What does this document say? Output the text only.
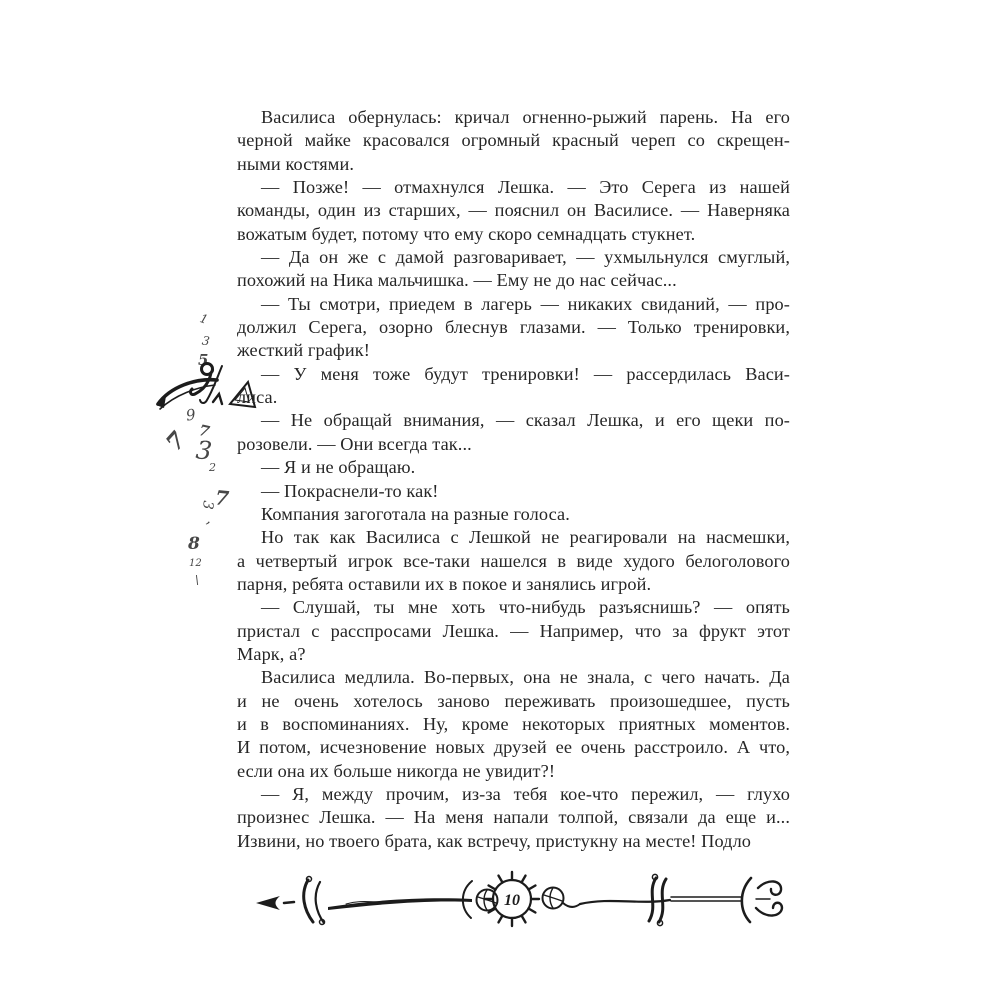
1
3
5
,
9
7
7 3
2
3
7
’
8
12
\
Василиса обернулась: кричал огненно-рыжий парень. На его
черной майке красовался огромный красный череп со скрещен-
ными костями.
— Позже! — отмахнулся Лешка. — Это Серега из нашей
команды, один из старших, — пояснил он Василисе. — Наверняка
вожатым будет, потому что ему скоро семнадцать стукнет.
— Да он же с дамой разговаривает, — ухмыльнулся смуглый,
похожий на Ника мальчишка. — Ему не до нас сейчас...
— Ты смотри, приедем в лагерь — никаких свиданий, — про-
должил Серега, озорно блеснув глазами. — Только тренировки,
жесткий график!
— У меня тоже будут тренировки! — рассердилась Васи-
лиса.
— Не обращай внимания, — сказал Лешка, и его щеки по-
розовели. — Они всегда так...
— Я и не обращаю.
— Покраснели-то как!
Компания загоготала на разные голоса.
Но так как Василиса с Лешкой не реагировали на насмешки,
а четвертый игрок все-таки нашелся в виде худого белоголового
парня, ребята оставили их в покое и занялись игрой.
— Слушай, ты мне хоть что-нибудь разъяснишь? — опять
пристал с расспросами Лешка. — Например, что за фрукт этот
Марк, а?
Василиса медлила. Во-первых, она не знала, с чего начать. Да
и не очень хотелось заново переживать произошедшее, пусть
и в воспоминаниях. Ну, кроме некоторых приятных моментов.
И потом, исчезновение новых друзей ее очень расстроило. А что,
если она их больше никогда не увидит?!
— Я, между прочим, из-за тебя кое-что пережил, — глухо
произнес Лешка. — На меня напали толпой, связали да еще и...
Извини, но твоего брата, как встречу, пристукну на месте! Подло
10
